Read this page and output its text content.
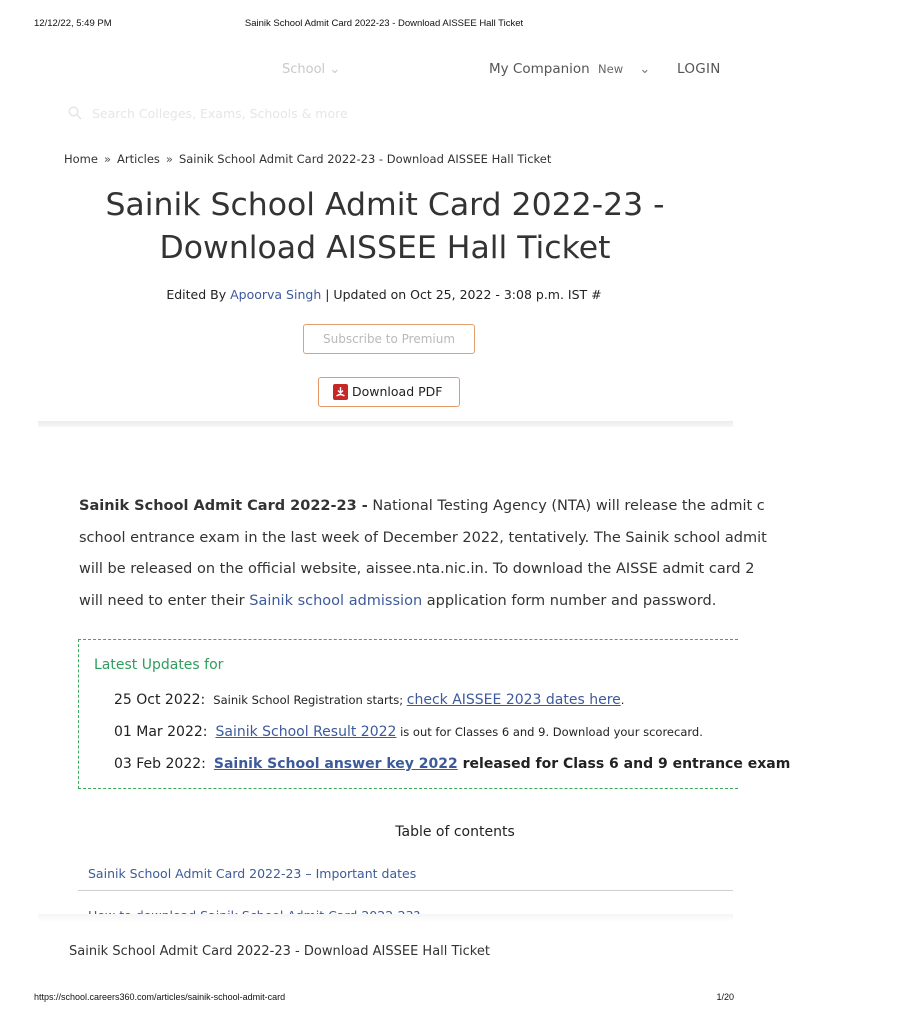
12/12/22, 5:49 PM	Sainik School Admit Card 2022-23 - Download AISSEE Hall Ticket
School ⌄	My Companion New ⌄ LOGIN
Search Colleges, Exams, Schools & more
Home » Articles » Sainik School Admit Card 2022-23 - Download AISSEE Hall Ticket
Sainik School Admit Card 2022-23 - Download AISSEE Hall Ticket
Edited By Apoorva Singh | Updated on Oct 25, 2022 - 3:08 p.m. IST #
Subscribe to Premium
Download PDF
Sainik School Admit Card 2022-23 - National Testing Agency (NTA) will release the admit c
school entrance exam in the last week of December 2022, tentatively. The Sainik school admit
will be released on the official website, aissee.nta.nic.in. To download the AISSE admit card 2
will need to enter their Sainik school admission application form number and password.
Latest Updates for
25 Oct 2022: Sainik School Registration starts; check AISSEE 2023 dates here.
01 Mar 2022: Sainik School Result 2022 is out for Classes 6 and 9. Download your scorecard.
03 Feb 2022: Sainik School answer key 2022 released for Class 6 and 9 entrance exam
Table of contents
Sainik School Admit Card 2022-23 – Important dates
Sainik School Admit Card 2022-23 - Download AISSEE Hall Ticket
https://school.careers360.com/articles/sainik-school-admit-card	1/20
